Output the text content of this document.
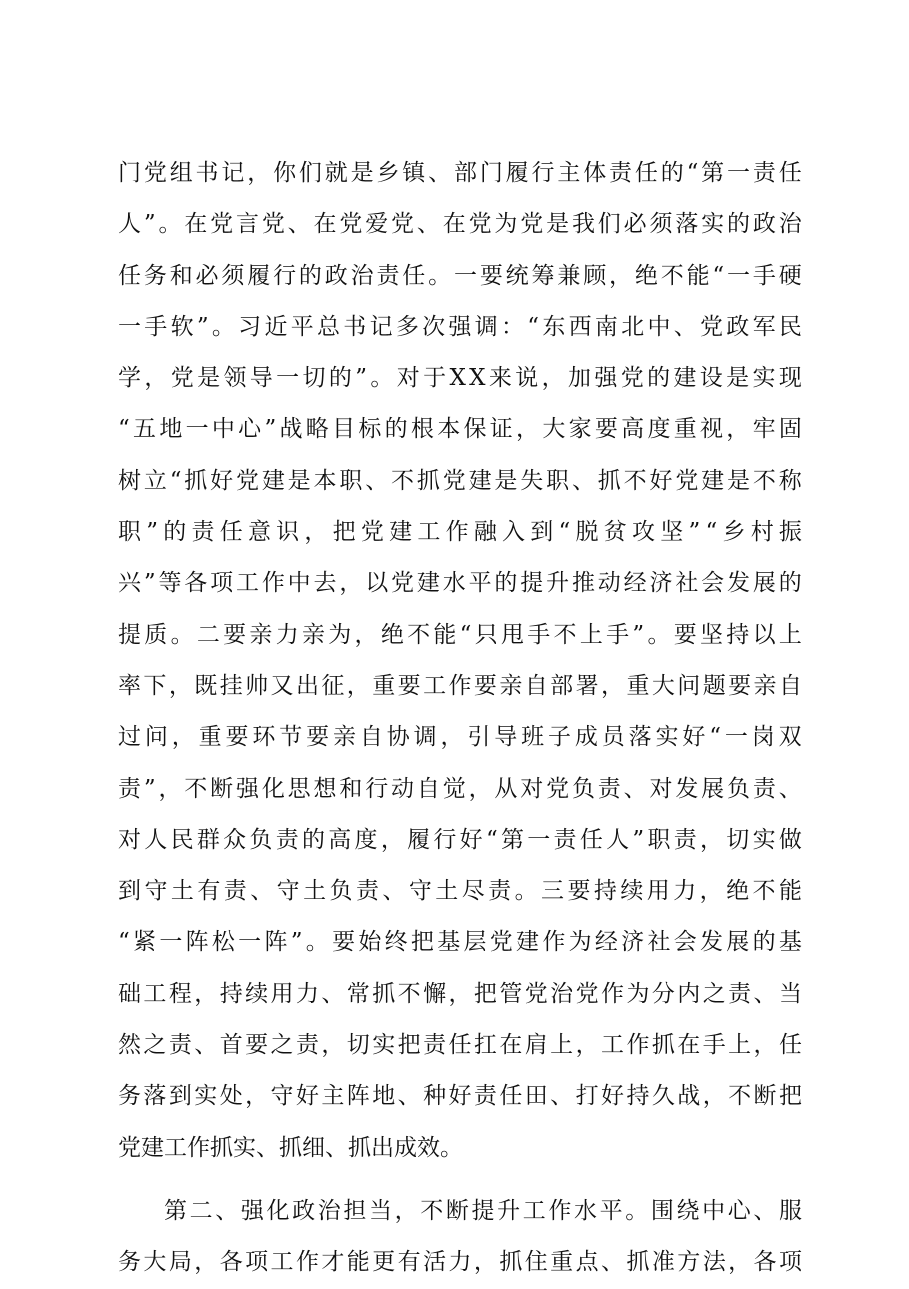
门 党 组 书 记 ， 你 们 就 是 乡 镇 、 部 门 履 行 主 体 责 任 的 “ 第 一 责 任
人 ” 。 在 党 言 党 、 在 党 爱 党 、 在 党 为 党 是 我 们 必 须 落 实 的 政 治
任 务 和 必 须 履 行 的 政 治 责 任 。 一 要 统 筹 兼 顾 ， 绝 不 能 “ 一 手 硬
一 手 软 ” 。 习 近 平 总 书 记 多 次 强 调 ： “ 东 西 南 北 中 、 党 政 军 民
学 ， 党 是 领 导 一 切 的 ” 。 对 于 X X 来 说 ， 加 强 党 的 建 设 是 实 现
“ 五 地 一 中 心 ” 战 略 目 标 的 根 本 保 证 ， 大 家 要 高 度 重 视 ， 牢 固
树 立 “ 抓 好 党 建 是 本 职 、 不 抓 党 建 是 失 职 、 抓 不 好 党 建 是 不 称
职 ” 的 责 任 意 识 ， 把 党 建 工 作 融 入 到 “ 脱 贫 攻 坚 ” “ 乡 村 振
兴 ” 等 各 项 工 作 中 去 ， 以 党 建 水 平 的 提 升 推 动 经 济 社 会 发 展 的
提 质 。 二 要 亲 力 亲 为 ， 绝 不 能 “ 只 甩 手 不 上 手 ” 。 要 坚 持 以 上
率 下 ， 既 挂 帅 又 出 征 ， 重 要 工 作 要 亲 自 部 署 ， 重 大 问 题 要 亲 自
过 问 ， 重 要 环 节 要 亲 自 协 调 ， 引 导 班 子 成 员 落 实 好 “ 一 岗 双
责 ” ， 不 断 强 化 思 想 和 行 动 自 觉 ， 从 对 党 负 责 、 对 发 展 负 责 、
对 人 民 群 众 负 责 的 高 度 ， 履 行 好 “ 第 一 责 任 人 ” 职 责 ， 切 实 做
到 守 土 有 责 、 守 土 负 责 、 守 土 尽 责 。 三 要 持 续 用 力 ， 绝 不 能
“ 紧 一 阵 松 一 阵 ” 。 要 始 终 把 基 层 党 建 作 为 经 济 社 会 发 展 的 基
础 工 程 ， 持 续 用 力 、 常 抓 不 懈 ， 把 管 党 治 党 作 为 分 内 之 责 、 当
然 之 责 、 首 要 之 责 ， 切 实 把 责 任 扛 在 肩 上 ， 工 作 抓 在 手 上 ， 任
务 落 到 实 处 ， 守 好 主 阵 地 、 种 好 责 任 田 、 打 好 持 久 战 ， 不 断 把
党建工作抓实、抓细、抓出成效。
第 二 、 强 化 政 治 担 当 ， 不 断 提 升 工 作 水 平 。 围 绕 中 心 、 服
务 大 局 ， 各 项 工 作 才 能 更 有 活 力 ， 抓 住 重 点 、 抓 准 方 法 ， 各 项
